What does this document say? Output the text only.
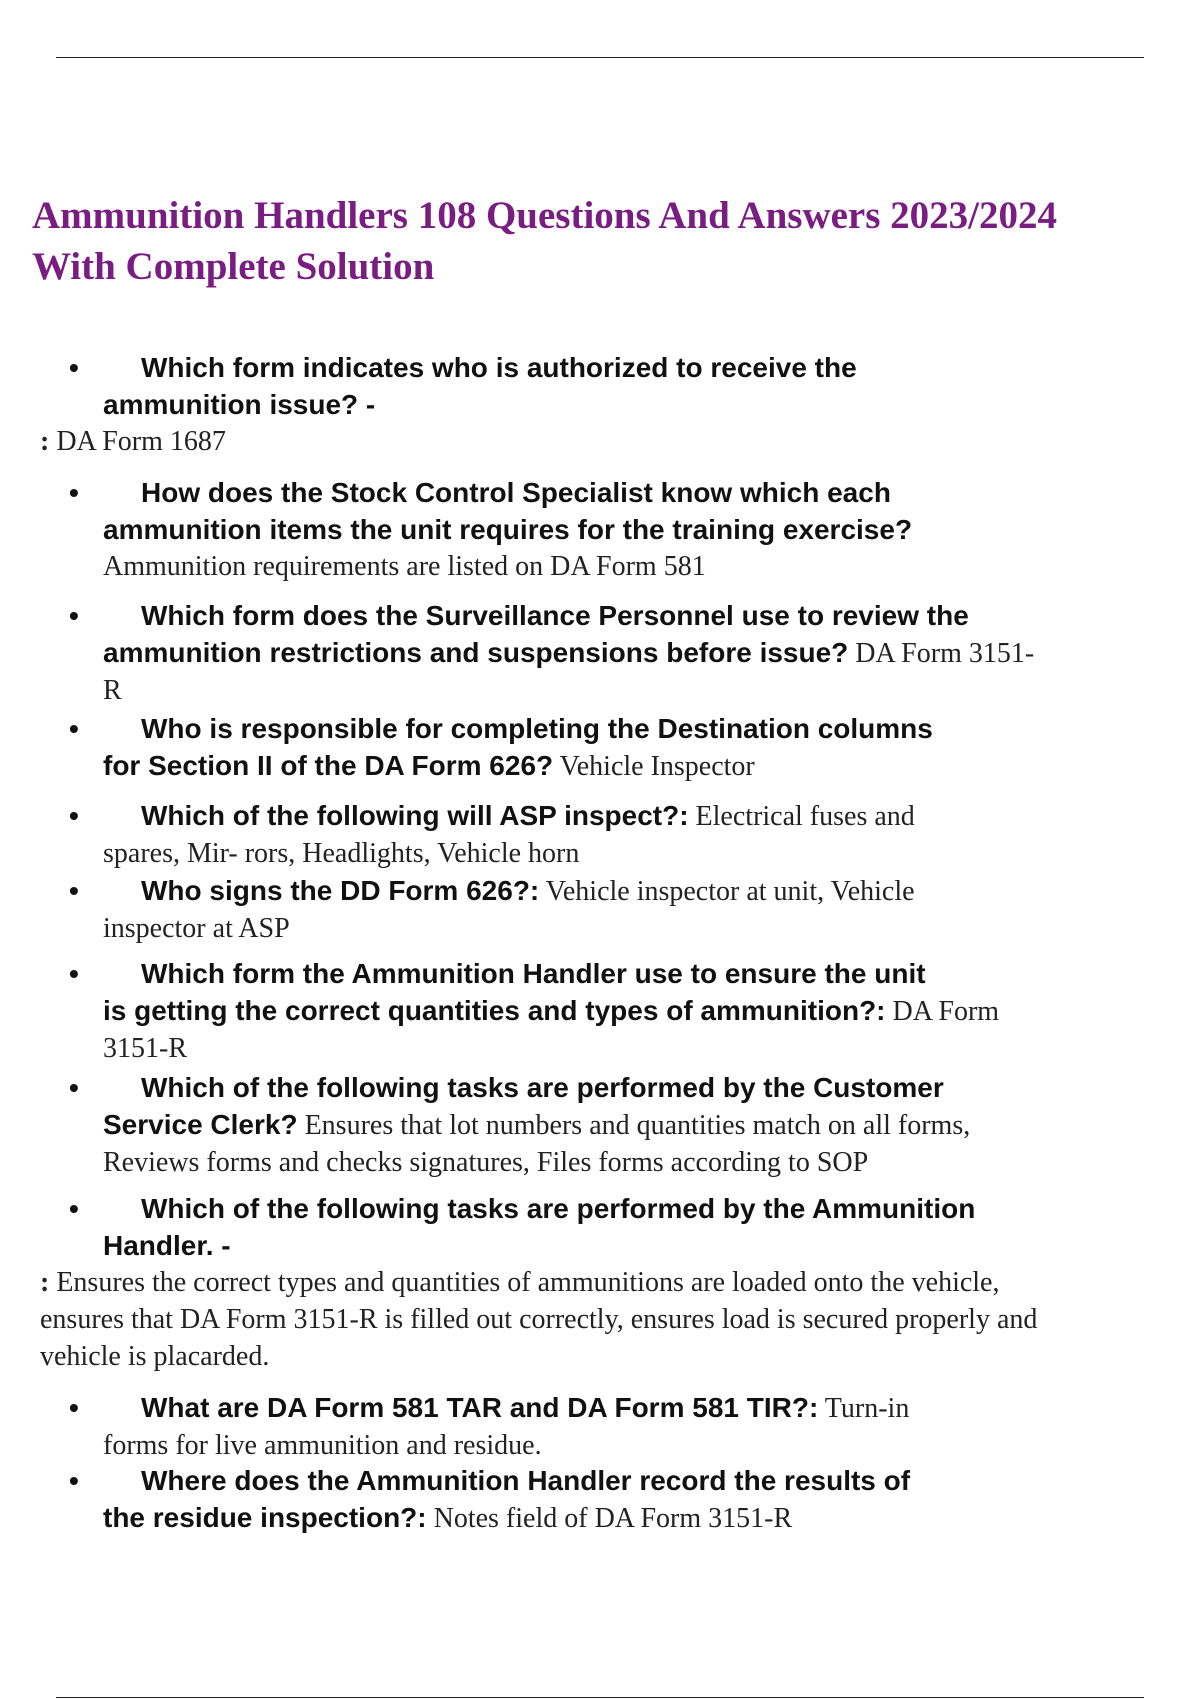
Ammunition Handlers 108 Questions And Answers 2023/2024
With Complete Solution
• Which form indicates who is authorized to receive the
ammunition issue? -
: DA Form 1687
• How does the Stock Control Specialist know which each
ammunition items the unit requires for the training exercise?
Ammunition requirements are listed on DA Form 581
• Which form does the Surveillance Personnel use to review the
ammunition restrictions and suspensions before issue? DA Form 3151-
R
• Who is responsible for completing the Destination columns
for Section II of the DA Form 626? Vehicle Inspector
• Which of the following will ASP inspect?: Electrical fuses and
spares, Mir- rors, Headlights, Vehicle horn
• Who signs the DD Form 626?: Vehicle inspector at unit, Vehicle
inspector at ASP
• Which form the Ammunition Handler use to ensure the unit
is getting the correct quantities and types of ammunition?: DA Form
3151-R
• Which of the following tasks are performed by the Customer
Service Clerk? Ensures that lot numbers and quantities match on all forms,
Reviews forms and checks signatures, Files forms according to SOP
• Which of the following tasks are performed by the Ammunition
Handler. -
: Ensures the correct types and quantities of ammunitions are loaded onto the vehicle,
ensures that DA Form 3151-R is filled out correctly, ensures load is secured properly and
vehicle is placarded.
• What are DA Form 581 TAR and DA Form 581 TIR?: Turn-in
forms for live ammunition and residue.
• Where does the Ammunition Handler record the results of
the residue inspection?: Notes field of DA Form 3151-R
